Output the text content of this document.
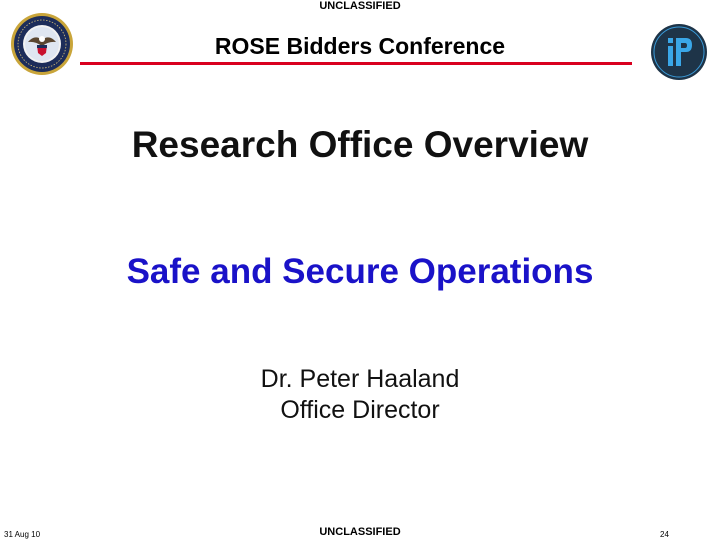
UNCLASSIFIED
ROSE Bidders Conference
Research Office Overview
Safe and Secure Operations
Dr. Peter Haaland
Office Director
31 Aug 10	UNCLASSIFIED	24
